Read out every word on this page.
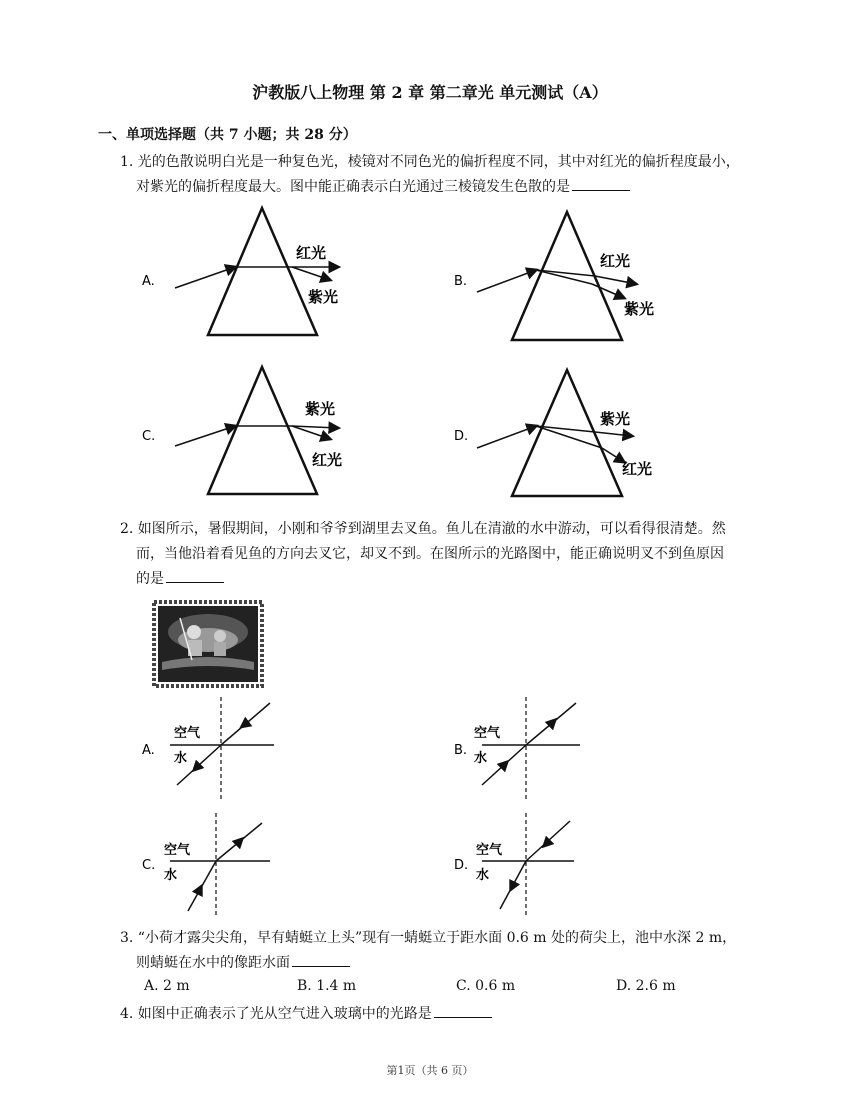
沪教版八上物理 第 2 章 第二章光 单元测试（A）
一、单项选择题（共 7 小题；共 28 分）
1. 光的色散说明白光是一种复色光，棱镜对不同色光的偏折程度不同，其中对红光的偏折程度最小，
对紫光的偏折程度最大。图中能正确表示白光通过三棱镜发生色散的是
A.
红光
紫光
B.
红光
紫光
C.
紫光
红光
D.
紫光
红光
2. 如图所示，暑假期间，小刚和爷爷到湖里去叉鱼。鱼儿在清澈的水中游动，可以看得很清楚。然
而，当他沿着看见鱼的方向去叉它，却叉不到。在图所示的光路图中，能正确说明叉不到鱼原因
的是
A.
空气
水
B.
空气
水
C.
空气
水
D.
空气
水
3. “小荷才露尖尖角，早有蜻蜓立上头”现有一蜻蜓立于距水面 0.6 m 处的荷尖上，池中水深 2 m，
则蜻蜓在水中的像距水面
A. 2 m	B. 1.4 m	C. 0.6 m	D. 2.6 m
4. 如图中正确表示了光从空气进入玻璃中的光路是
第1页（共 6 页）
